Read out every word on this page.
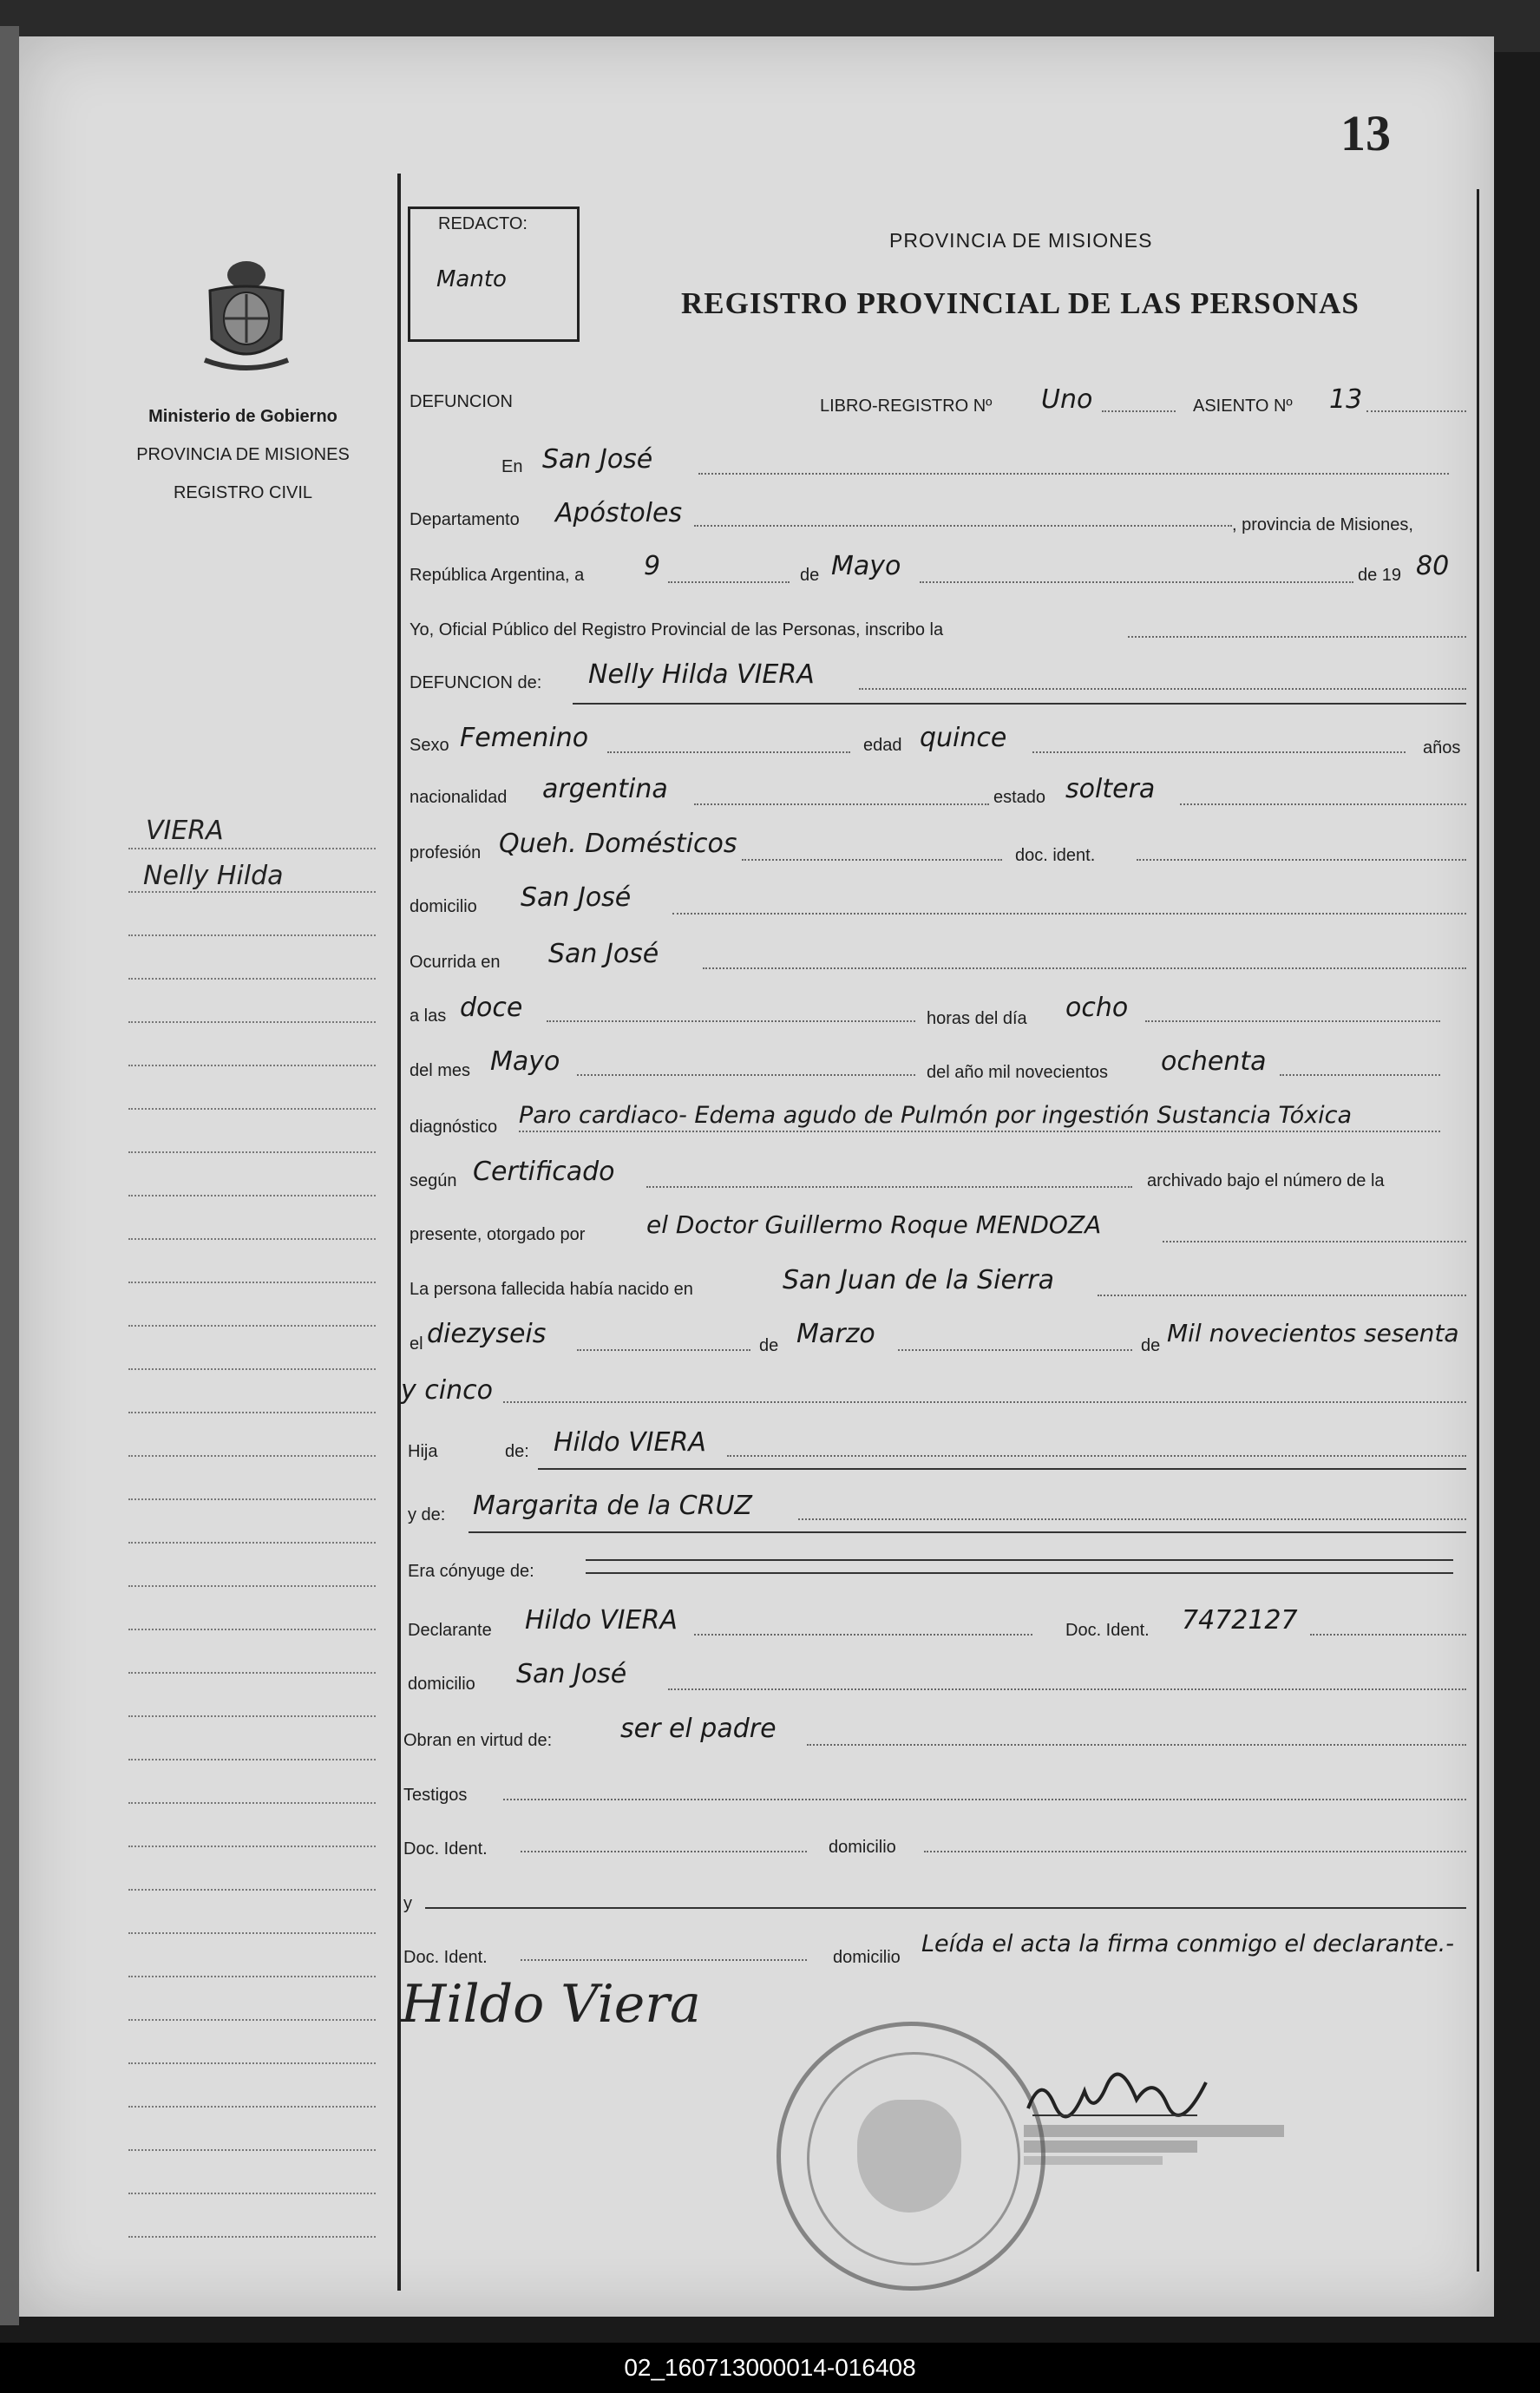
13
Ministerio de Gobierno
PROVINCIA DE MISIONES
REGISTRO CIVIL
VIERA
Nelly Hilda
REDACTO:
Manto
PROVINCIA DE MISIONES
REGISTRO PROVINCIAL DE LAS PERSONAS
DEFUNCION	LIBRO-REGISTRO Nº Uno	ASIENTO Nº 13
En San José
Departamento Apóstoles	, provincia de Misiones,
República Argentina, a 9	de Mayo	de 19 80
Yo, Oficial Público del Registro Provincial de las Personas, inscribo la
DEFUNCION de: Nelly Hilda VIERA
Sexo Femenino	edad quince	años
nacionalidad argentina	estado soltera
profesión Queh. Domésticos	doc. ident.
domicilio San José
Ocurrida en San José
a las doce	horas del día ocho
del mes Mayo	del año mil novecientos ochenta
diagnóstico Paro cardiaco- Edema agudo de Pulmón por ingestión Sustancia Tóxica
según Certificado	archivado bajo el número de la
presente, otorgado por	el Doctor Guillermo Roque MENDOZA
La persona fallecida había nacido en	San Juan de la Sierra
el diezyseis	de Marzo	de Mil novecientos sesenta
y cinco
Hija	de: Hildo VIERA
y de: Margarita de la CRUZ
Era cónyuge de:
Declarante Hildo VIERA	Doc. Ident. 7472127
domicilio San José
Obran en virtud de:	ser el padre
Testigos
Doc. Ident.	domicilio
y
Doc. Ident.	domicilio Leída el acta la firma conmigo el declarante.-
Hildo Viera
02_160713000014-016408
